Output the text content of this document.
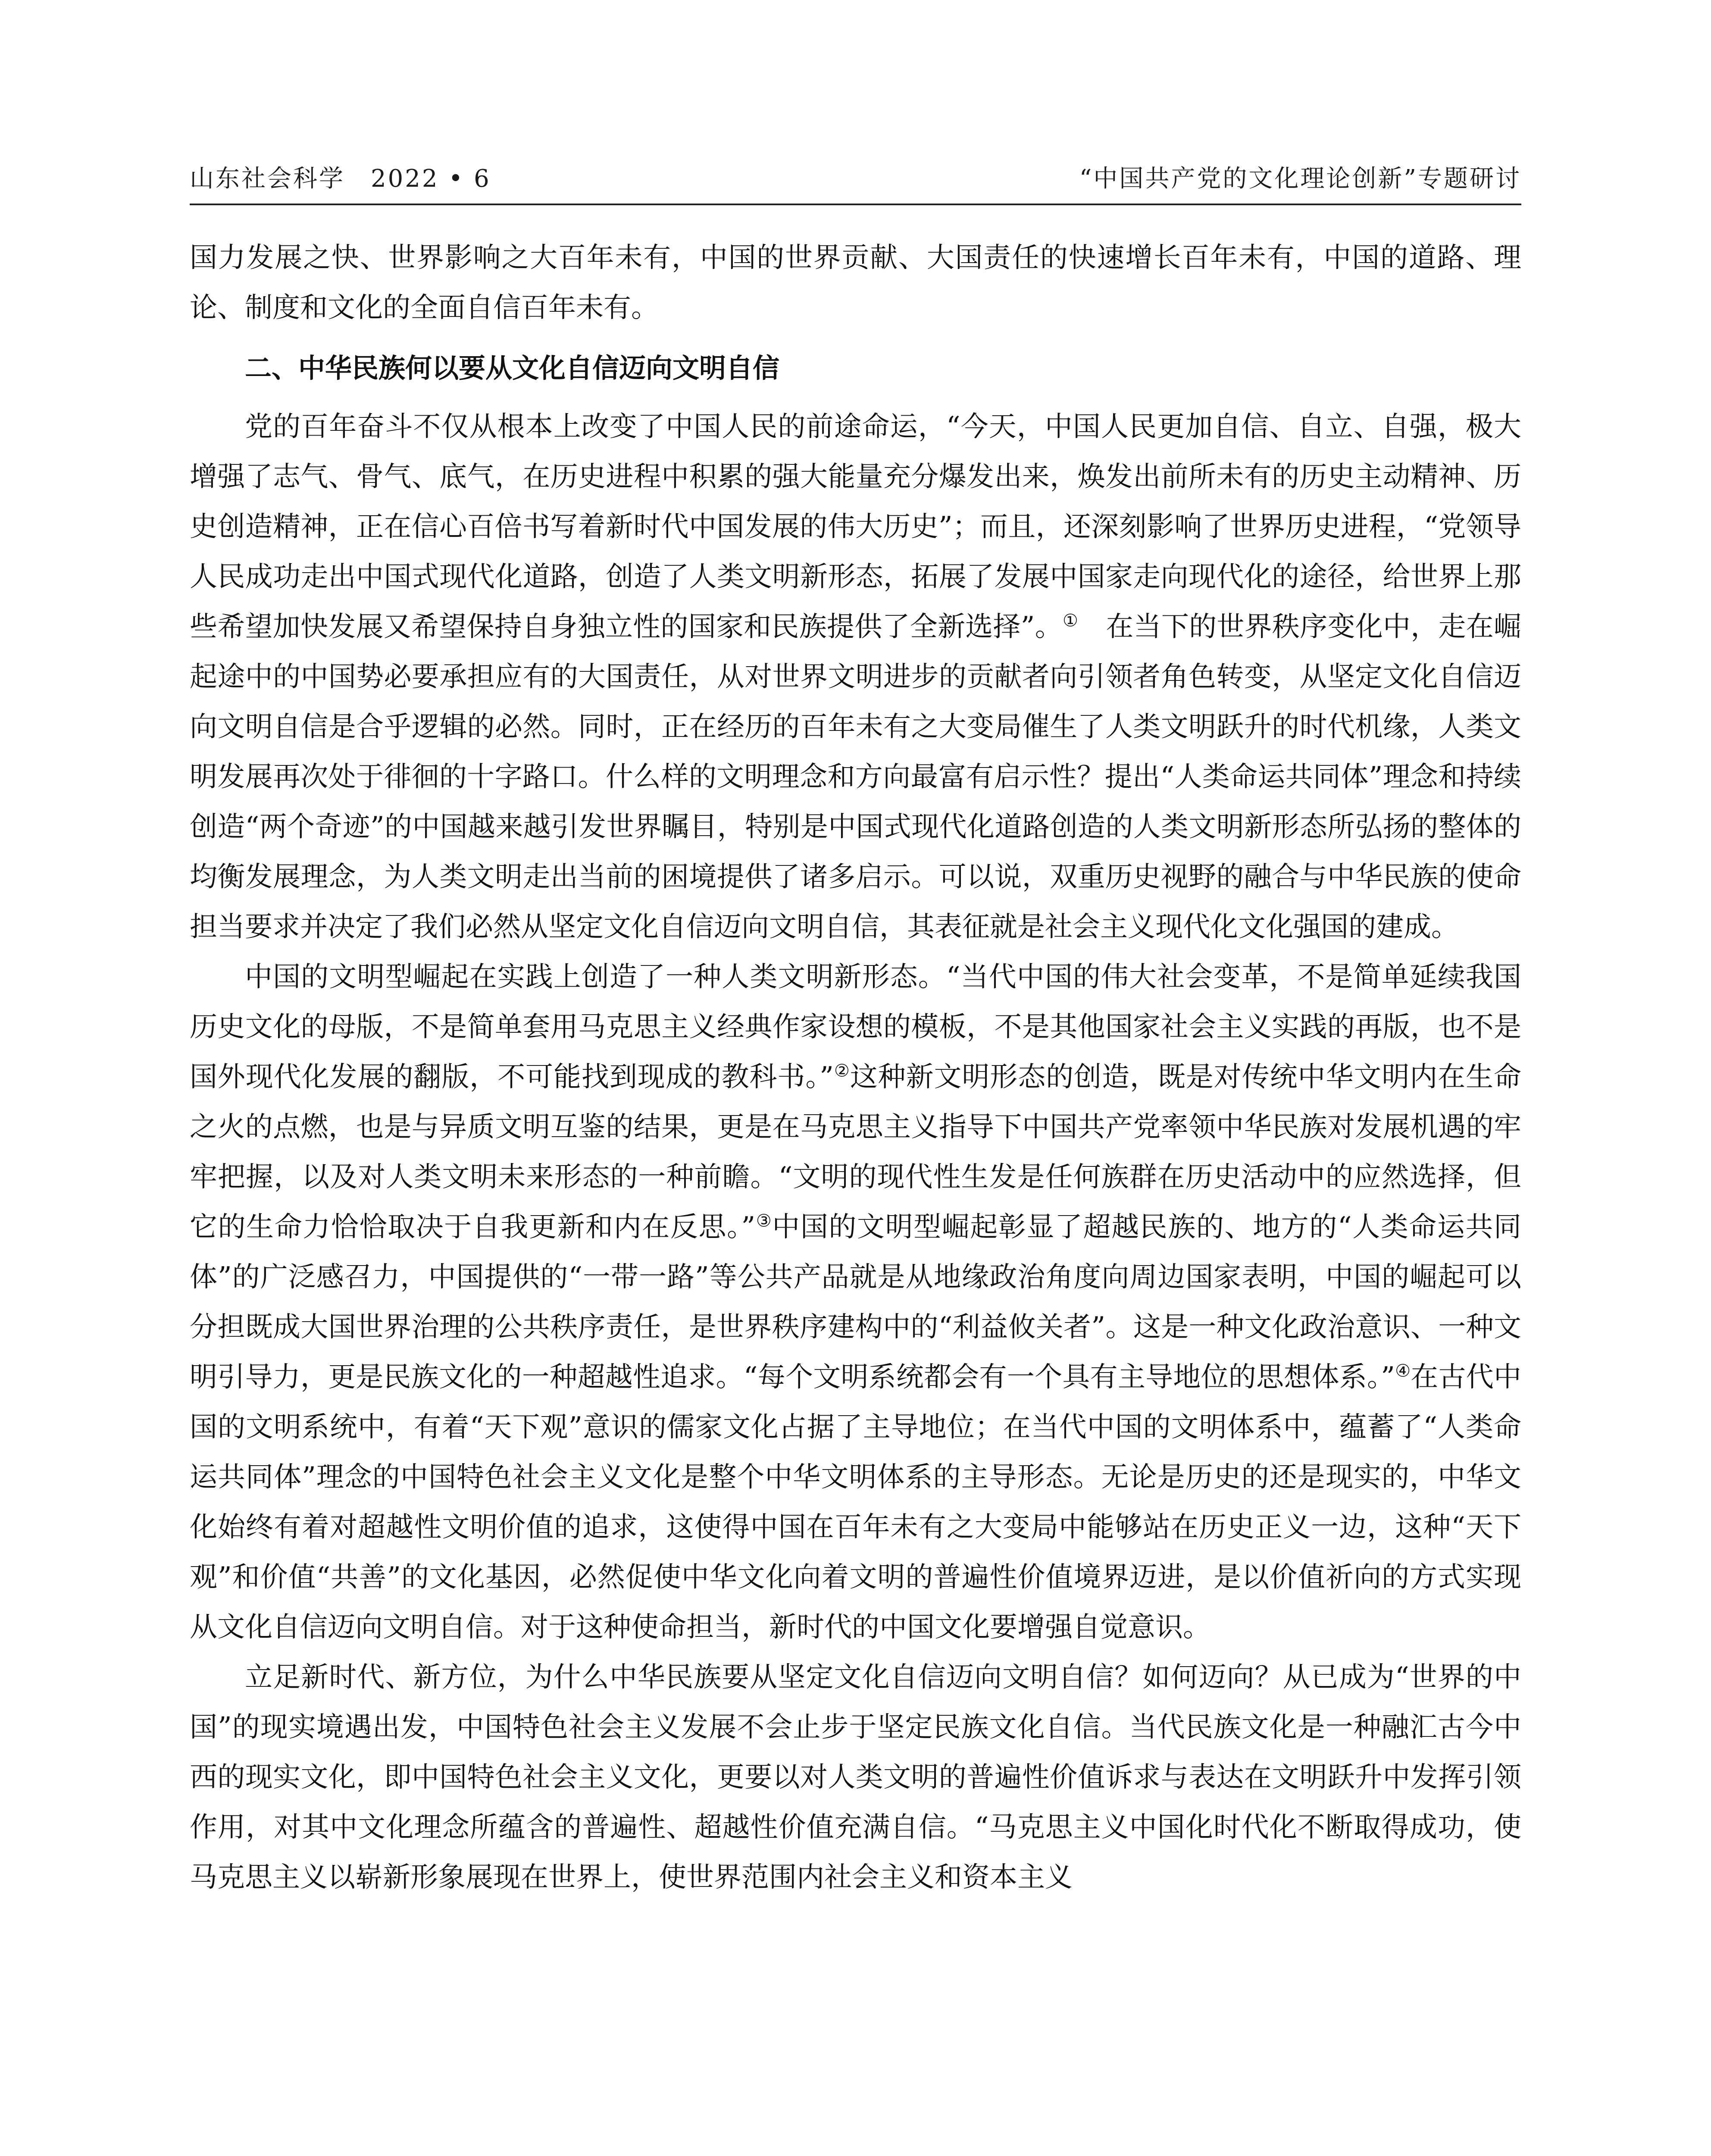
山东社会科学　2022 • 6	“中国共产党的文化理论创新”专题研讨

国力发展之快、世界影响之大百年未有，中国的世界贡献、大国责任的快速增长百年未有，中国的道路、理论、制度和文化的全面自信百年未有。

二、中华民族何以要从文化自信迈向文明自信

党的百年奋斗不仅从根本上改变了中国人民的前途命运，“今天，中国人民更加自信、自立、自强，极大增强了志气、骨气、底气，在历史进程中积累的强大能量充分爆发出来，焕发出前所未有的历史主动精神、历史创造精神，正在信心百倍书写着新时代中国发展的伟大历史”；而且，还深刻影响了世界历史进程，“党领导人民成功走出中国式现代化道路，创造了人类文明新形态，拓展了发展中国家走向现代化的途径，给世界上那些希望加快发展又希望保持自身独立性的国家和民族提供了全新选择”。①　在当下的世界秩序变化中，走在崛起途中的中国势必要承担应有的大国责任，从对世界文明进步的贡献者向引领者角色转变，从坚定文化自信迈向文明自信是合乎逻辑的必然。同时，正在经历的百年未有之大变局催生了人类文明跃升的时代机缘，人类文明发展再次处于徘徊的十字路口。什么样的文明理念和方向最富有启示性？提出“人类命运共同体”理念和持续创造“两个奇迹”的中国越来越引发世界瞩目，特别是中国式现代化道路创造的人类文明新形态所弘扬的整体的均衡发展理念，为人类文明走出当前的困境提供了诸多启示。可以说，双重历史视野的融合与中华民族的使命担当要求并决定了我们必然从坚定文化自信迈向文明自信，其表征就是社会主义现代化文化强国的建成。

中国的文明型崛起在实践上创造了一种人类文明新形态。“当代中国的伟大社会变革，不是简单延续我国历史文化的母版，不是简单套用马克思主义经典作家设想的模板，不是其他国家社会主义实践的再版，也不是国外现代化发展的翻版，不可能找到现成的教科书。”②这种新文明形态的创造，既是对传统中华文明内在生命之火的点燃，也是与异质文明互鉴的结果，更是在马克思主义指导下中国共产党率领中华民族对发展机遇的牢牢把握，以及对人类文明未来形态的一种前瞻。“文明的现代性生发是任何族群在历史活动中的应然选择，但它的生命力恰恰取决于自我更新和内在反思。”③中国的文明型崛起彰显了超越民族的、地方的“人类命运共同体”的广泛感召力，中国提供的“一带一路”等公共产品就是从地缘政治角度向周边国家表明，中国的崛起可以分担既成大国世界治理的公共秩序责任，是世界秩序建构中的“利益攸关者”。这是一种文化政治意识、一种文明引导力，更是民族文化的一种超越性追求。“每个文明系统都会有一个具有主导地位的思想体系。”④在古代中国的文明系统中，有着“天下观”意识的儒家文化占据了主导地位；在当代中国的文明体系中，蕴蓄了“人类命运共同体”理念的中国特色社会主义文化是整个中华文明体系的主导形态。无论是历史的还是现实的，中华文化始终有着对超越性文明价值的追求，这使得中国在百年未有之大变局中能够站在历史正义一边，这种“天下观”和价值“共善”的文化基因，必然促使中华文化向着文明的普遍性价值境界迈进，是以价值祈向的方式实现从文化自信迈向文明自信。对于这种使命担当，新时代的中国文化要增强自觉意识。

立足新时代、新方位，为什么中华民族要从坚定文化自信迈向文明自信？如何迈向？从已成为“世界的中国”的现实境遇出发，中国特色社会主义发展不会止步于坚定民族文化自信。当代民族文化是一种融汇古今中西的现实文化，即中国特色社会主义文化，更要以对人类文明的普遍性价值诉求与表达在文明跃升中发挥引领作用，对其中文化理念所蕴含的普遍性、超越性价值充满自信。“马克思主义中国化时代化不断取得成功，使马克思主义以崭新形象展现在世界上，使世界范围内社会主义和资本主义
